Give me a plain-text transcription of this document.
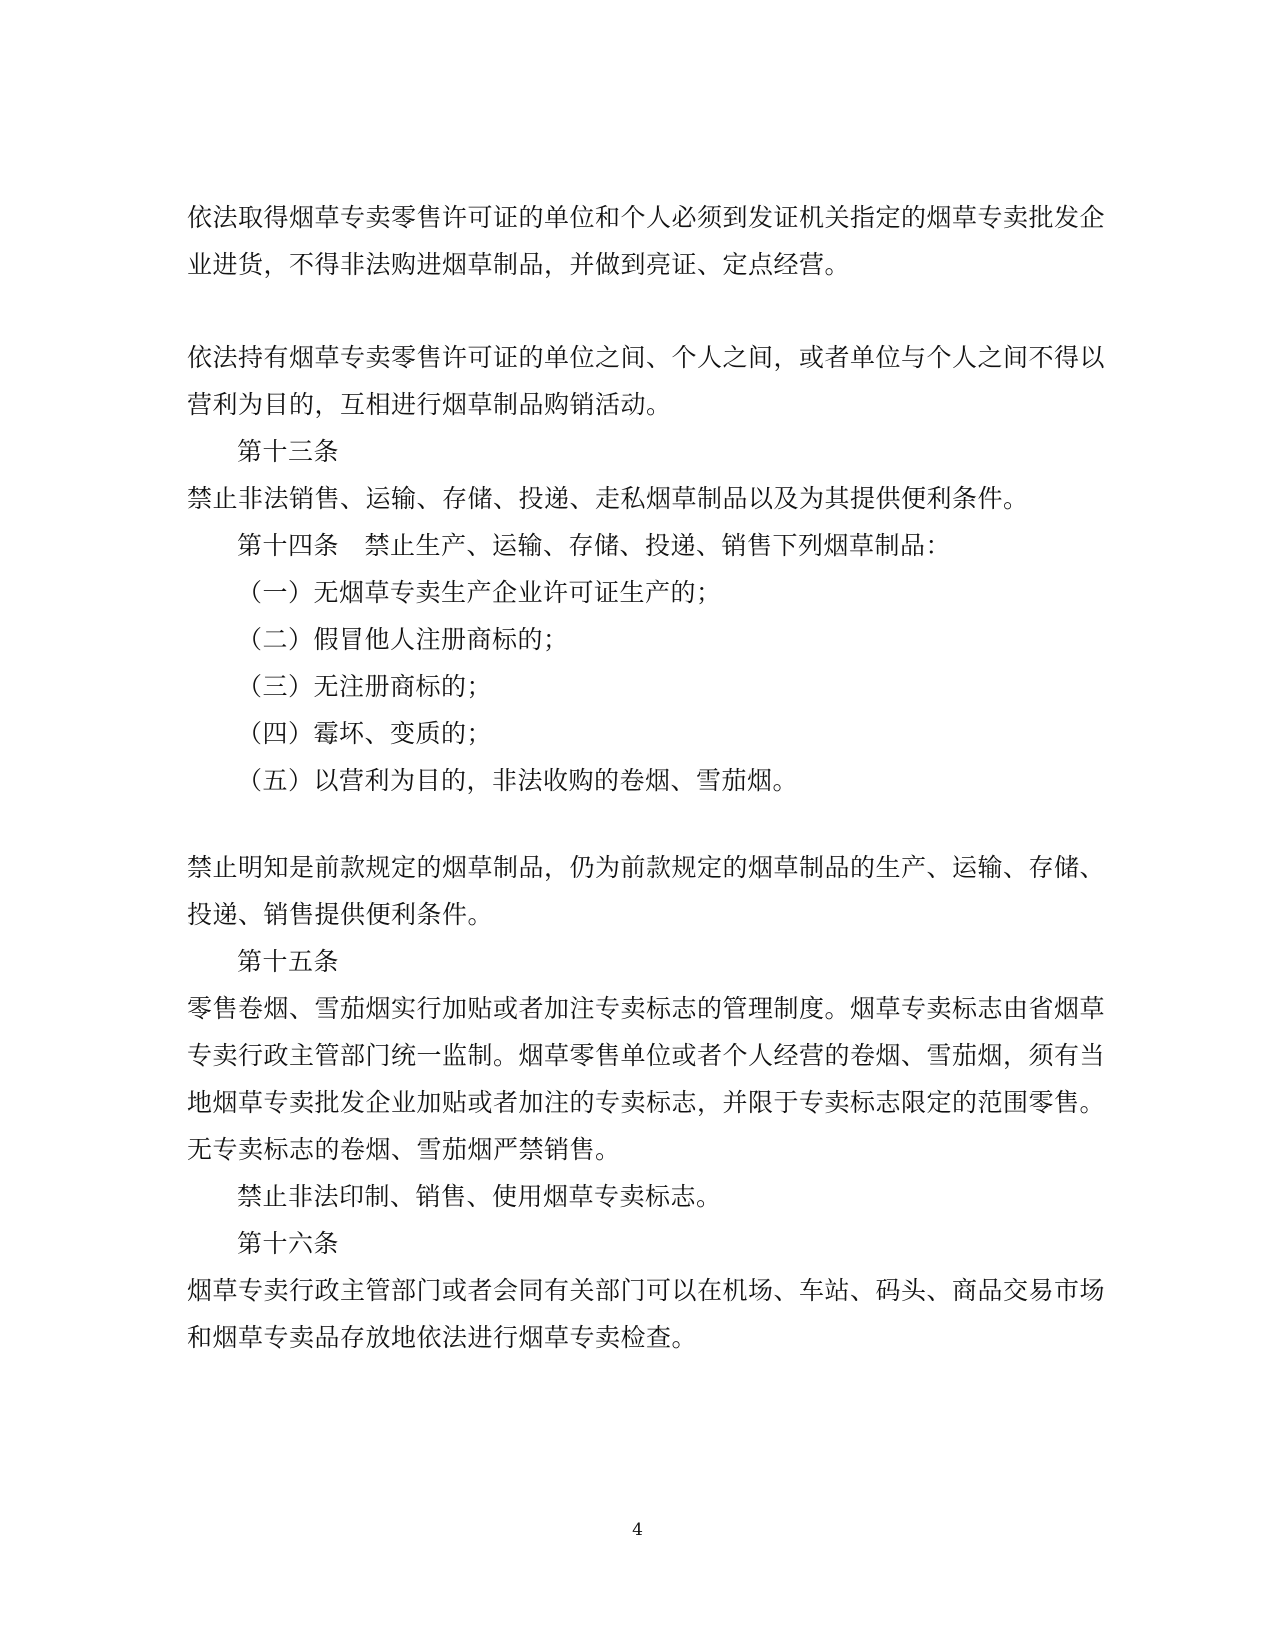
依法取得烟草专卖零售许可证的单位和个人必须到发证机关指定的烟草专卖批发企
业进货，不得非法购进烟草制品，并做到亮证、定点经营。
依法持有烟草专卖零售许可证的单位之间、个人之间，或者单位与个人之间不得以
营利为目的，互相进行烟草制品购销活动。
第十三条
禁止非法销售、运输、存储、投递、走私烟草制品以及为其提供便利条件。
第十四条　禁止生产、运输、存储、投递、销售下列烟草制品：
（一）无烟草专卖生产企业许可证生产的；
（二）假冒他人注册商标的；
（三）无注册商标的；
（四）霉坏、变质的；
（五）以营利为目的，非法收购的卷烟、雪茄烟。
禁止明知是前款规定的烟草制品，仍为前款规定的烟草制品的生产、运输、存储、
投递、销售提供便利条件。
第十五条
零售卷烟、雪茄烟实行加贴或者加注专卖标志的管理制度。烟草专卖标志由省烟草
专卖行政主管部门统一监制。烟草零售单位或者个人经营的卷烟、雪茄烟，须有当
地烟草专卖批发企业加贴或者加注的专卖标志，并限于专卖标志限定的范围零售。
无专卖标志的卷烟、雪茄烟严禁销售。
禁止非法印制、销售、使用烟草专卖标志。
第十六条
烟草专卖行政主管部门或者会同有关部门可以在机场、车站、码头、商品交易市场
和烟草专卖品存放地依法进行烟草专卖检查。
4
